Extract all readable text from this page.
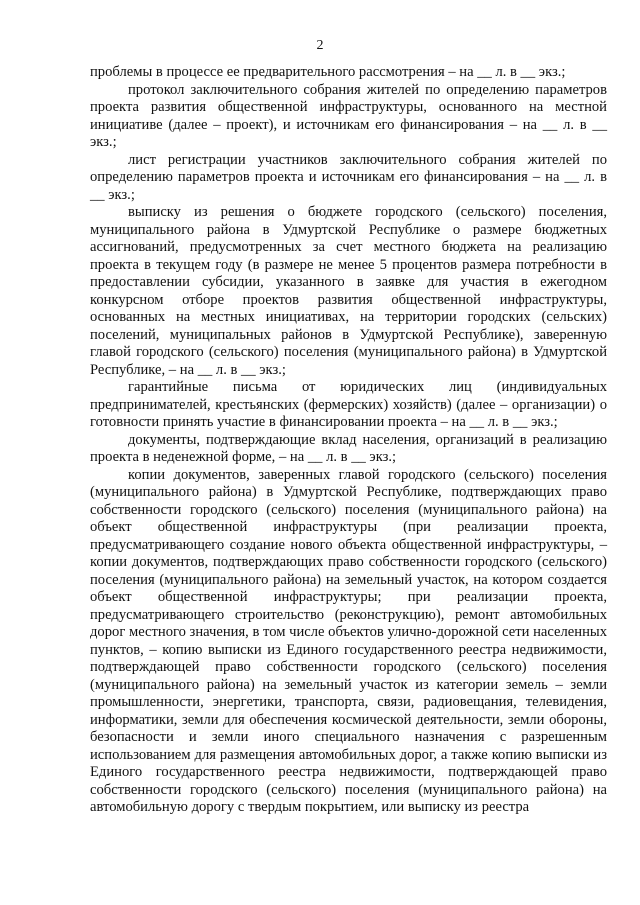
2

проблемы в процессе ее предварительного рассмотрения – на __ л. в __ экз.;

протокол заключительного собрания жителей по определению параметров проекта развития общественной инфраструктуры, основанного на местной инициативе (далее – проект), и источникам его финансирования – на __ л. в __ экз.;

лист регистрации участников заключительного собрания жителей по определению параметров проекта и источникам его финансирования – на __ л. в __ экз.;

выписку из решения о бюджете городского (сельского) поселения, муниципального района в Удмуртской Республике о размере бюджетных ассигнований, предусмотренных за счет местного бюджета на реализацию проекта в текущем году (в размере не менее 5 процентов размера потребности в предоставлении субсидии, указанного в заявке для участия в ежегодном конкурсном отборе проектов развития общественной инфраструктуры, основанных на местных инициативах, на территории городских (сельских) поселений, муниципальных районов в Удмуртской Республике), заверенную главой городского (сельского) поселения (муниципального района) в Удмуртской Республике, – на __ л. в __ экз.;

гарантийные письма от юридических лиц (индивидуальных предпринимателей, крестьянских (фермерских) хозяйств) (далее – организации) о готовности принять участие в финансировании проекта – на __ л. в __ экз.;

документы, подтверждающие вклад населения, организаций в реализацию проекта в неденежной форме, – на __ л. в __ экз.;

копии документов, заверенных главой городского (сельского) поселения (муниципального района) в Удмуртской Республике, подтверждающих право собственности городского (сельского) поселения (муниципального района) на объект общественной инфраструктуры (при реализации проекта, предусматривающего создание нового объекта общественной инфраструктуры, – копии документов, подтверждающих право собственности городского (сельского) поселения (муниципального района) на земельный участок, на котором создается объект общественной инфраструктуры; при реализации проекта, предусматривающего строительство (реконструкцию), ремонт автомобильных дорог местного значения, в том числе объектов улично-дорожной сети населенных пунктов, – копию выписки из Единого государственного реестра недвижимости, подтверждающей право собственности городского (сельского) поселения (муниципального района) на земельный участок из категории земель – земли промышленности, энергетики, транспорта, связи, радиовещания, телевидения, информатики, земли для обеспечения космической деятельности, земли обороны, безопасности и земли иного специального назначения с разрешенным использованием для размещения автомобильных дорог, а также копию выписки из Единого государственного реестра недвижимости, подтверждающей право собственности городского (сельского) поселения (муниципального района) на автомобильную дорогу с твердым покрытием, или выписку из реестра
